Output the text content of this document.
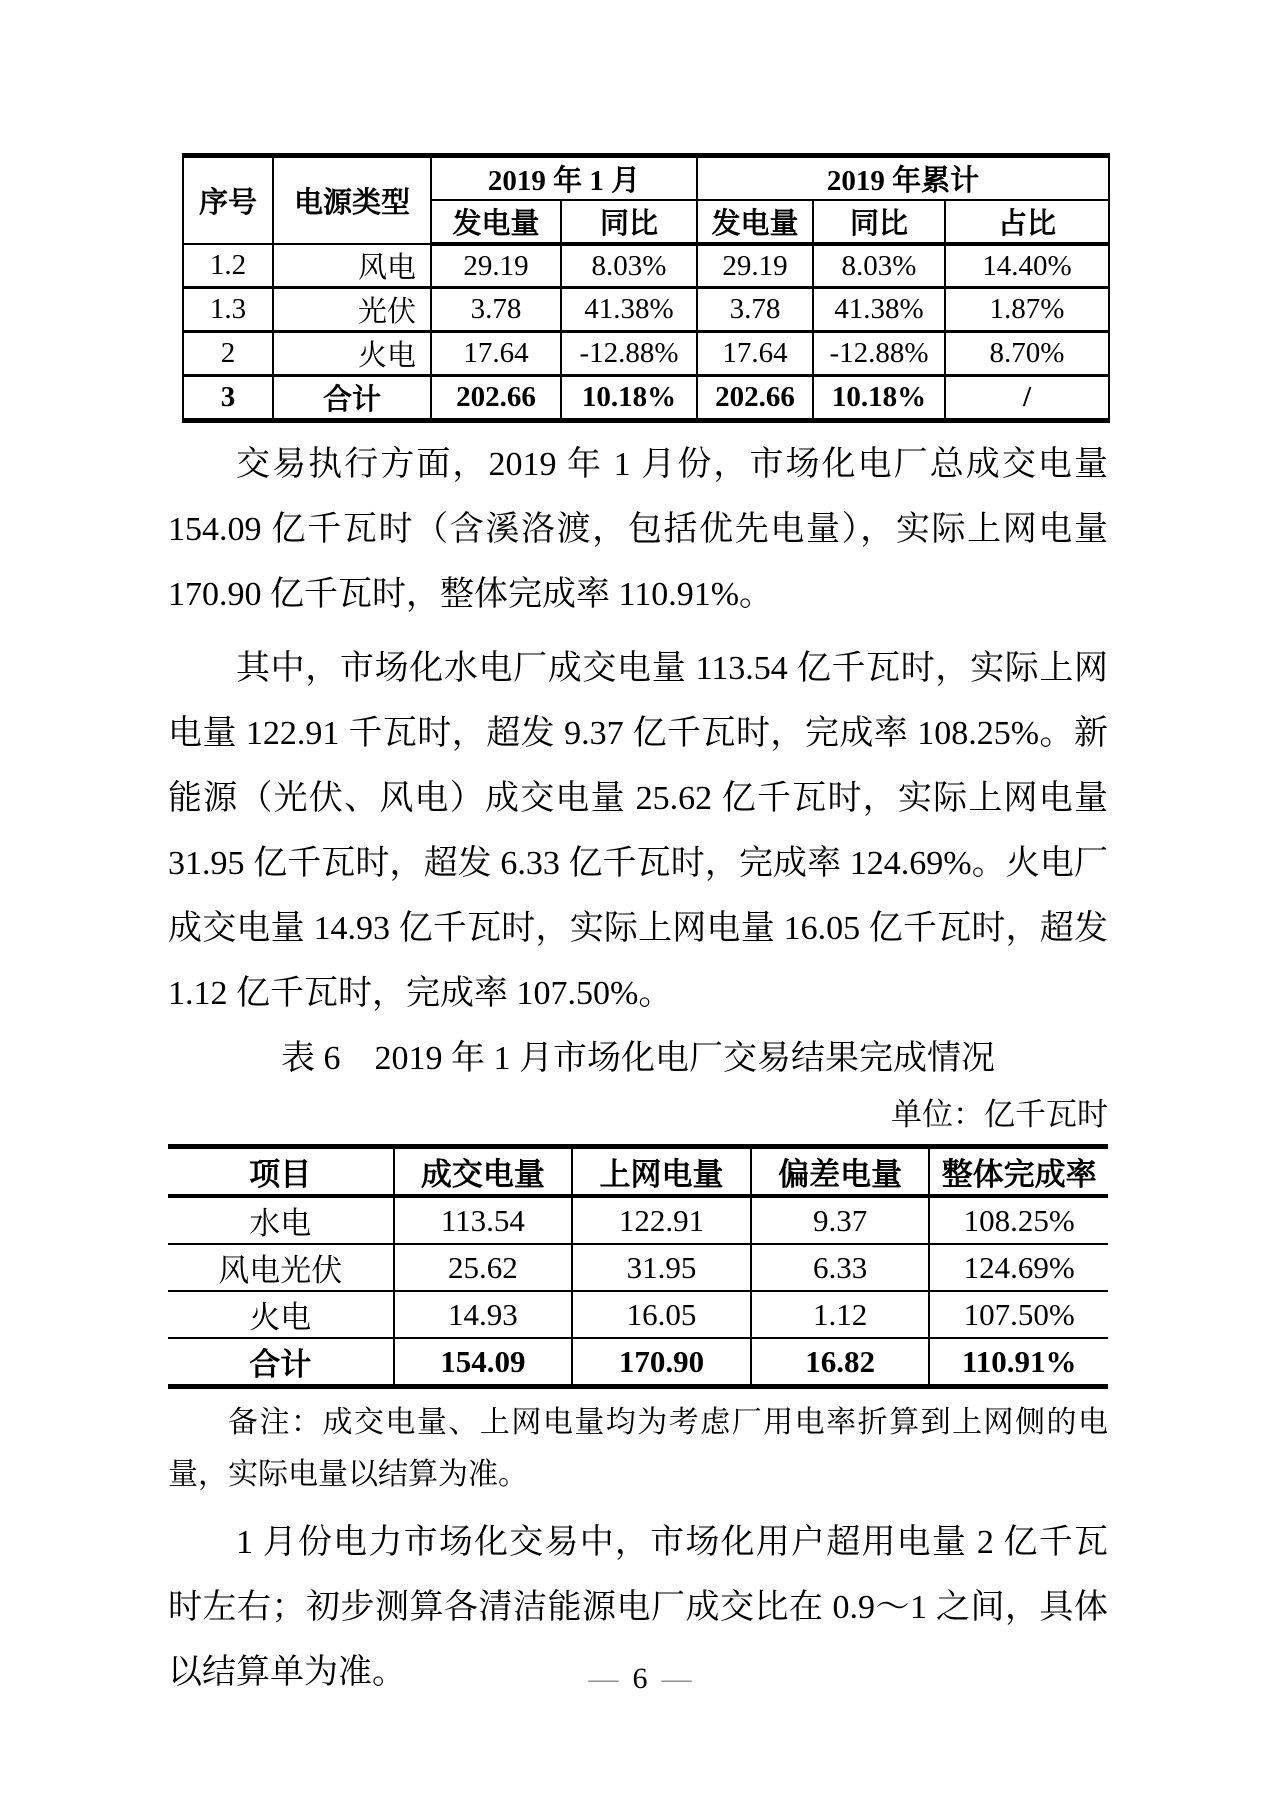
序号	电源类型	2019 年 1 月		2019 年累计		
		发电量	同比	发电量	同比	占比
1.2	风电	29.19	8.03%	29.19	8.03%	14.40%
1.3	光伏	3.78	41.38%	3.78	41.38%	1.87%
2	火电	17.64	-12.88%	17.64	-12.88%	8.70%
3	合计	202.66	10.18%	202.66	10.18%	/

交易执行方面，2019 年 1 月份，市场化电厂总成交电量 154.09 亿千瓦时（含溪洛渡，包括优先电量），实际上网电量 170.90 亿千瓦时，整体完成率 110.91%。

其中，市场化水电厂成交电量 113.54 亿千瓦时，实际上网电量 122.91 千瓦时，超发 9.37 亿千瓦时，完成率 108.25%。新能源（光伏、风电）成交电量 25.62 亿千瓦时，实际上网电量 31.95 亿千瓦时，超发 6.33 亿千瓦时，完成率 124.69%。火电厂成交电量 14.93 亿千瓦时，实际上网电量 16.05 亿千瓦时，超发 1.12 亿千瓦时，完成率 107.50%。

表 6　2019 年 1 月市场化电厂交易结果完成情况
单位：亿千瓦时
项目	成交电量	上网电量	偏差电量	整体完成率
水电	113.54	122.91	9.37	108.25%
风电光伏	25.62	31.95	6.33	124.69%
火电	14.93	16.05	1.12	107.50%
合计	154.09	170.90	16.82	110.91%

备注：成交电量、上网电量均为考虑厂用电率折算到上网侧的电量，实际电量以结算为准。

1 月份电力市场化交易中，市场化用户超用电量 2 亿千瓦时左右；初步测算各清洁能源电厂成交比在 0.9～1 之间，具体以结算单为准。	— 6 —
